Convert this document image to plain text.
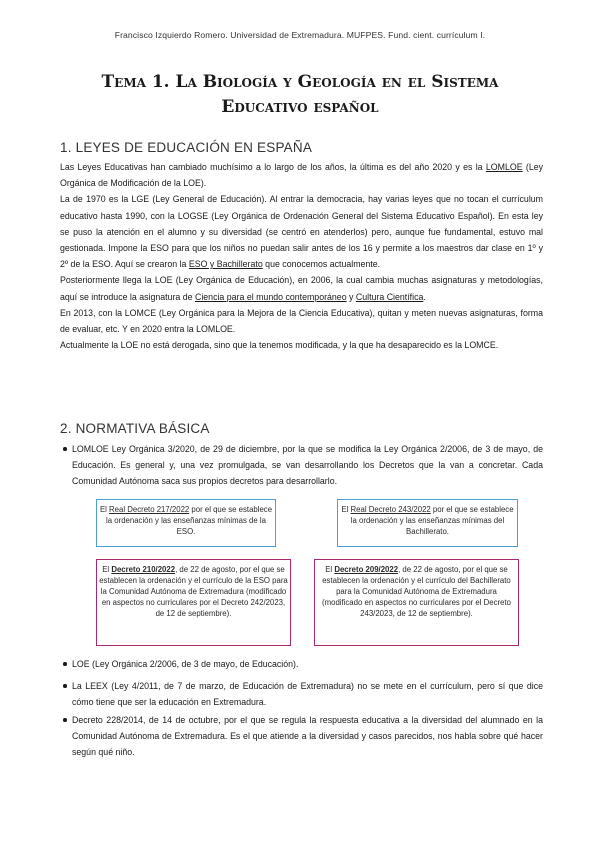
Francisco Izquierdo Romero. Universidad de Extremadura. MUFPES. Fund. cient. currículum I.
Tema 1. La Biología y Geología en el Sistema
Educativo español
1. LEYES DE EDUCACIÓN EN ESPAÑA

Las Leyes Educativas han cambiado muchísimo a lo largo de los años, la última es del año 2020 y es la LOMLOE (Ley Orgánica de Modificación de la LOE).

La de 1970 es la LGE (Ley General de Educación). Al entrar la democracia, hay varias leyes que no tocan el currículum educativo hasta 1990, con la LOGSE (Ley Orgánica de Ordenación General del Sistema Educativo Español). En esta ley se puso la atención en el alumno y su diversidad (se centró en atenderlos) pero, aunque fue fundamental, estuvo mal gestionada. Impone la ESO para que los niños no puedan salir antes de los 16 y permite a los maestros dar clase en 1º y 2º de la ESO. Aquí se crearon la ESO y Bachillerato que conocemos actualmente.

Posteriormente llega la LOE (Ley Orgánica de Educación), en 2006, la cual cambia muchas asignaturas y metodologías, aquí se introduce la asignatura de Ciencia para el mundo contemporáneo y Cultura Científica.

En 2013, con la LOMCE (Ley Orgánica para la Mejora de la Ciencia Educativa), quitan y meten nuevas asignaturas, forma de evaluar, etc. Y en 2020 entra la LOMLOE.

Actualmente la LOE no está derogada, sino que la tenemos modificada, y la que ha desaparecido es la LOMCE.

2. NORMATIVA BÁSICA
LOMLOE Ley Orgánica 3/2020, de 29 de diciembre, por la que se modifica la Ley Orgánica 2/2006, de 3 de mayo, de Educación. Es general y, una vez promulgada, se van desarrollando los Decretos que la van a concretar. Cada Comunidad Autónoma saca sus propios decretos para desarrollarlo.
El Real Decreto 217/2022 por el que se establece la ordenación y las enseñanzas mínimas de la ESO.
El Real Decreto 243/2022 por el que se establece la ordenación y las enseñanzas mínimas del Bachillerato.
El Decreto 210/2022, de 22 de agosto, por el que se establecen la ordenación y el currículo de la ESO para la Comunidad Autónoma de Extremadura (modificado en aspectos no curriculares por el Decreto 242/2023, de 12 de septiembre).
El Decreto 209/2022, de 22 de agosto, por el que se establecen la ordenación y el currículo del Bachillerato para la Comunidad Autónoma de Extremadura (modificado en aspectos no curriculares por el Decreto 243/2023, de 12 de septiembre).
LOE (Ley Orgánica 2/2006, de 3 de mayo, de Educación).
La LEEX (Ley 4/2011, de 7 de marzo, de Educación de Extremadura) no se mete en el currículum, pero sí que dice cómo tiene que ser la educación en Extremadura.
Decreto 228/2014, de 14 de octubre, por el que se regula la respuesta educativa a la diversidad del alumnado en la Comunidad Autónoma de Extremadura. Es el que atiende a la diversidad y casos parecidos, nos habla sobre qué hacer según qué niño.
